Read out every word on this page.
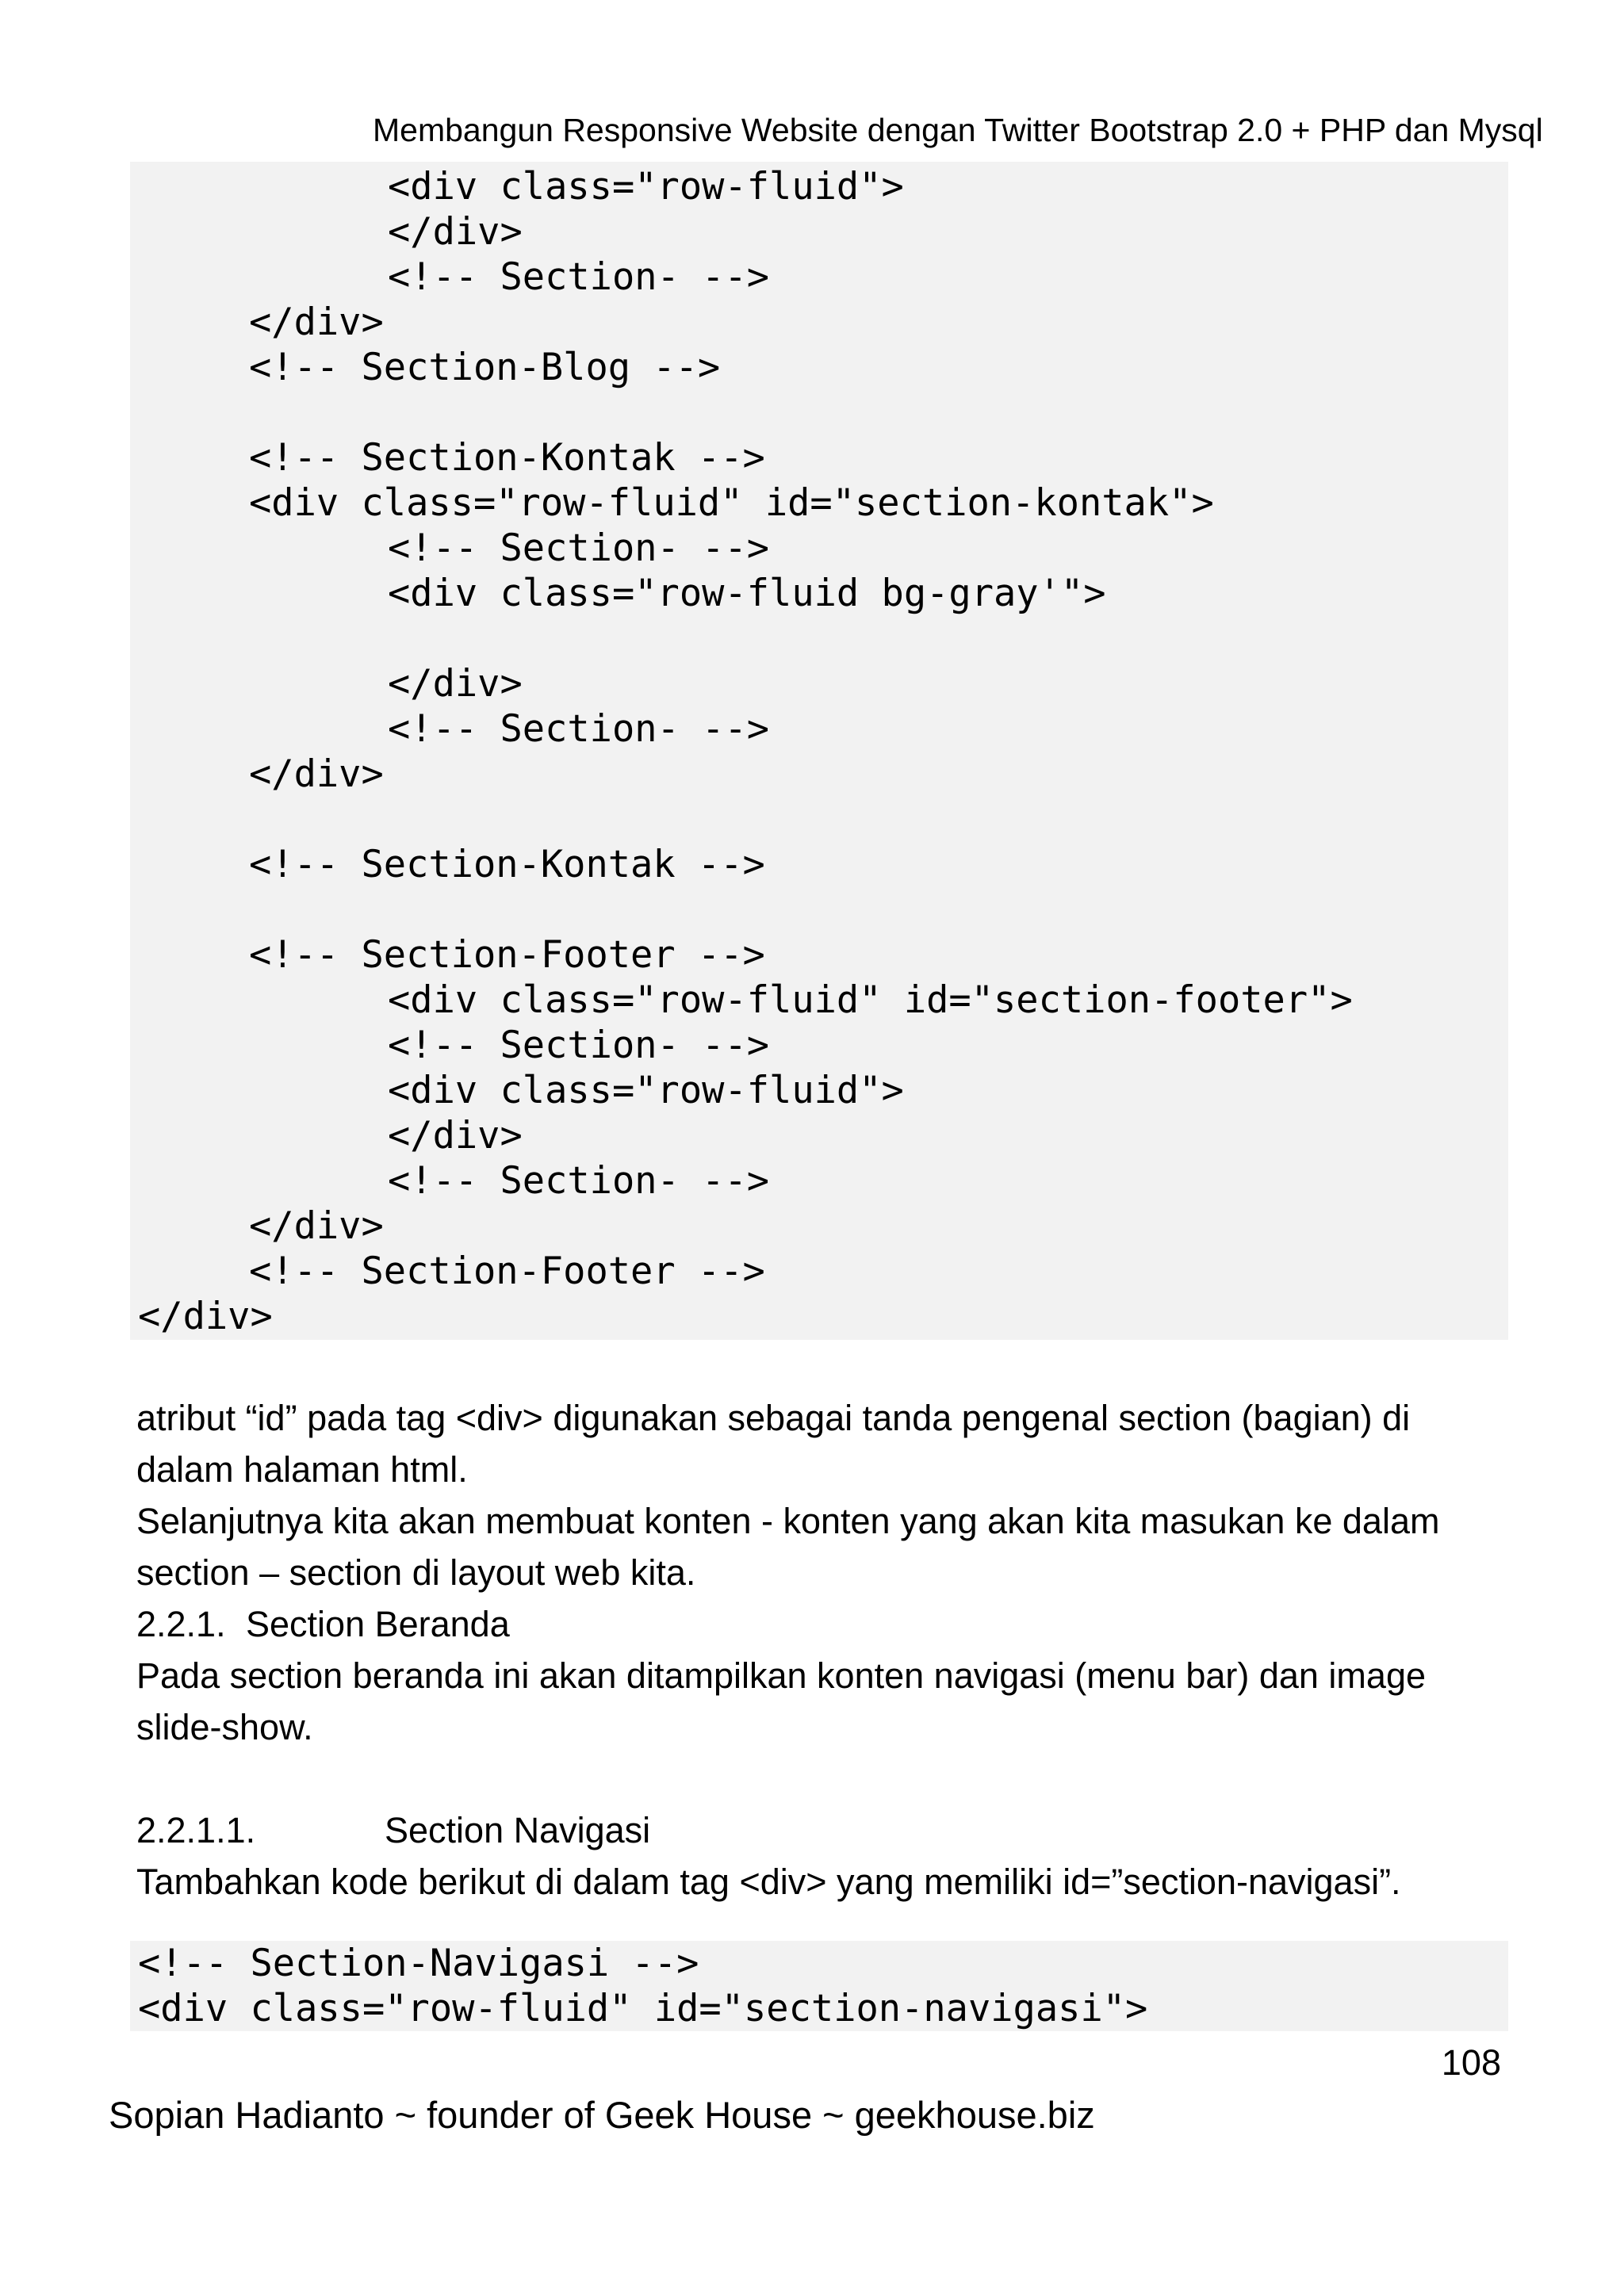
Membangun Responsive Website dengan Twitter Bootstrap 2.0 + PHP dan Mysql
<div class="row-fluid">
</div>
<!-- Section- -->
</div>
<!-- Section-Blog -->
<!-- Section-Kontak -->
<div class="row-fluid" id="section-kontak">
<!-- Section- -->
<div class="row-fluid bg-gray'">
</div>
<!-- Section- -->
</div>
<!-- Section-Kontak -->
<!-- Section-Footer -->
<div class="row-fluid" id="section-footer">
<!-- Section- -->
<div class="row-fluid">
</div>
<!-- Section- -->
</div>
<!-- Section-Footer -->
</div>
atribut “id” pada tag <div> digunakan sebagai tanda pengenal section (bagian) di
dalam halaman html.
Selanjutnya kita akan membuat konten - konten yang akan kita masukan ke dalam
section – section di layout web kita.
2.2.1. Section Beranda
Pada section beranda ini akan ditampilkan konten navigasi (menu bar) dan image
slide-show.
2.2.1.1.	Section Navigasi
Tambahkan kode berikut di dalam tag <div> yang memiliki id=”section-navigasi”.
<!-- Section-Navigasi -->
<div class="row-fluid" id="section-navigasi">
108
Sopian Hadianto ~ founder of Geek House ~ geekhouse.biz
